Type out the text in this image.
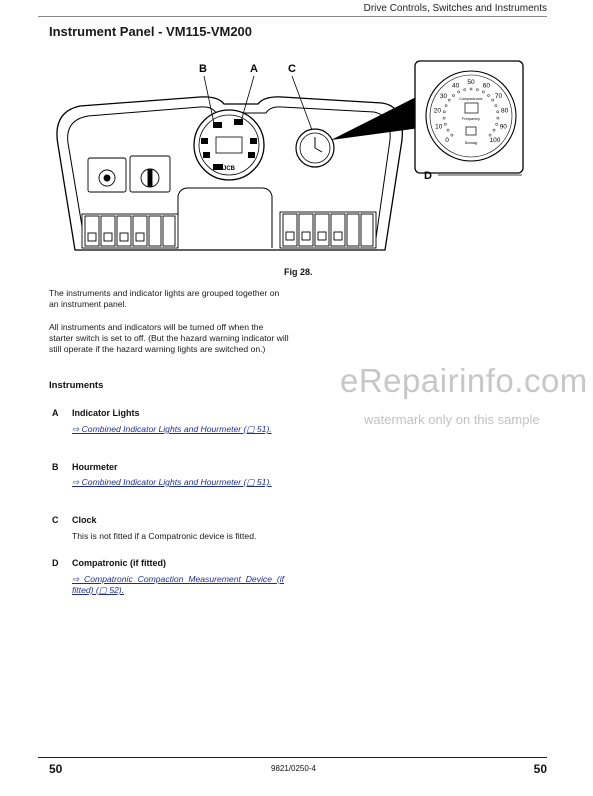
Drive Controls, Switches and Instruments
Instrument Panel - VM115-VM200
JCB
B	A	C
0
10
20
30
40
50
60
70
80
90
100
Compactronic
Frequency
Bomag
D
Fig 28.
The instruments and indicator lights are grouped together on an instrument panel.
All instruments and indicators will be turned off when the starter switch is set to off. (But the hazard warning indicator will still operate if the hazard warning lights are switched on.)
Instruments
A Indicator Lights
⇨ Combined Indicator Lights and Hourmeter (▢ 51).
B Hourmeter
⇨ Combined Indicator Lights and Hourmeter (▢ 51).
C Clock
This is not fitted if a Compatronic device is fitted.
D Compatronic (if fitted)
⇨ Compatronic Compaction Measurement Device (if fitted) (▢ 52).
eRepairinfo.com
watermark only on this sample
50	9821/0250-4	50
